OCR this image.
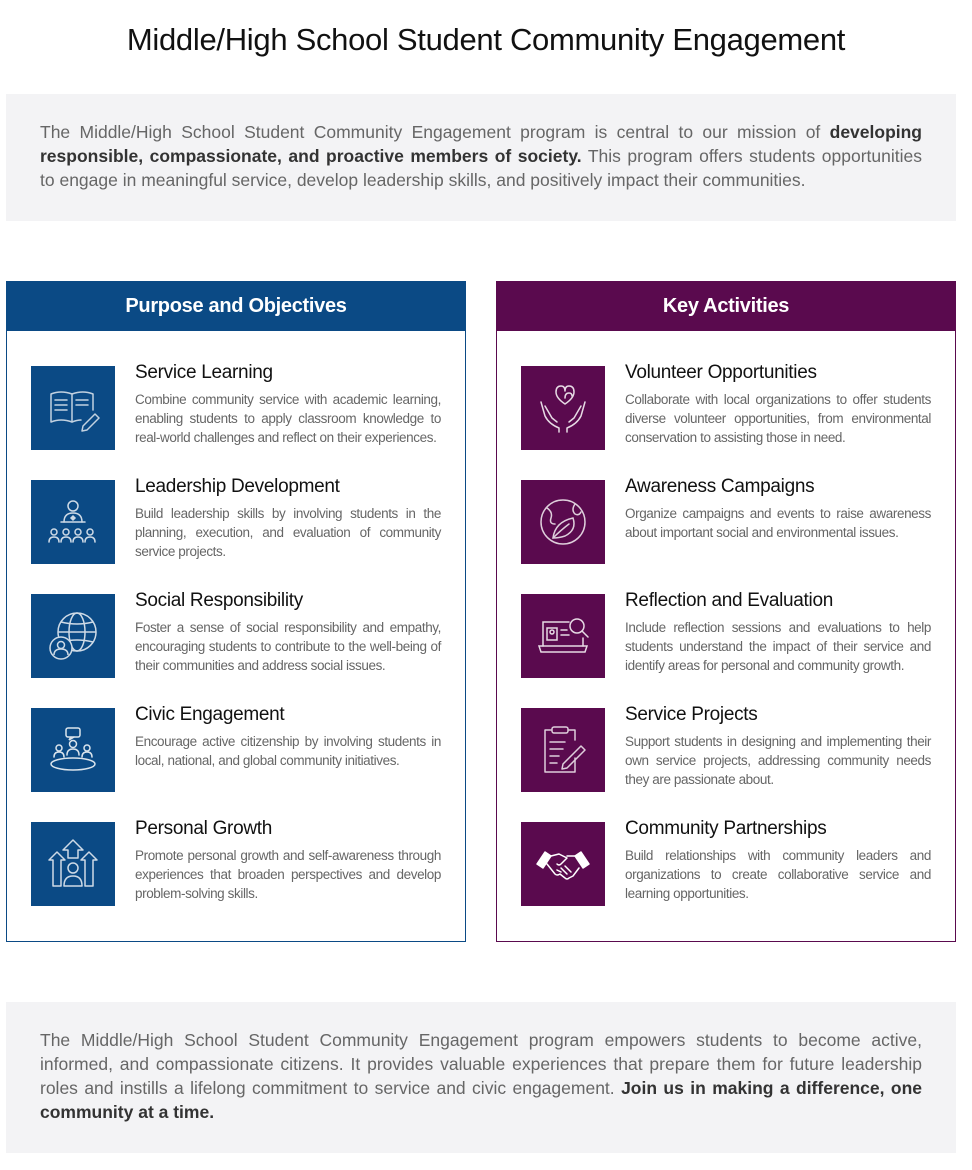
Middle/High School Student Community Engagement
The Middle/High School Student Community Engagement program is central to our mission of developing responsible, compassionate, and proactive members of society. This program offers students opportunities to engage in meaningful service, develop leadership skills, and positively impact their communities.
Purpose and Objectives
Service Learning
Combine community service with academic learning, enabling students to apply classroom knowledge to real-world challenges and reflect on their experiences.
Leadership Development
Build leadership skills by involving students in the planning, execution, and evaluation of community service projects.
Social Responsibility
Foster a sense of social responsibility and empathy, encouraging students to contribute to the well-being of their communities and address social issues.
Civic Engagement
Encourage active citizenship by involving students in local, national, and global community initiatives.
Personal Growth
Promote personal growth and self-awareness through experiences that broaden perspectives and develop problem-solving skills.
Key Activities
Volunteer Opportunities
Collaborate with local organizations to offer students diverse volunteer opportunities, from environmental conservation to assisting those in need.
Awareness Campaigns
Organize campaigns and events to raise awareness about important social and environmental issues.
Reflection and Evaluation
Include reflection sessions and evaluations to help students understand the impact of their service and identify areas for personal and community growth.
Service Projects
Support students in designing and implementing their own service projects, addressing community needs they are passionate about.
Community Partnerships
Build relationships with community leaders and organizations to create collaborative service and learning opportunities.
The Middle/High School Student Community Engagement program empowers students to become active, informed, and compassionate citizens. It provides valuable experiences that prepare them for future leadership roles and instills a lifelong commitment to service and civic engagement. Join us in making a difference, one community at a time.
